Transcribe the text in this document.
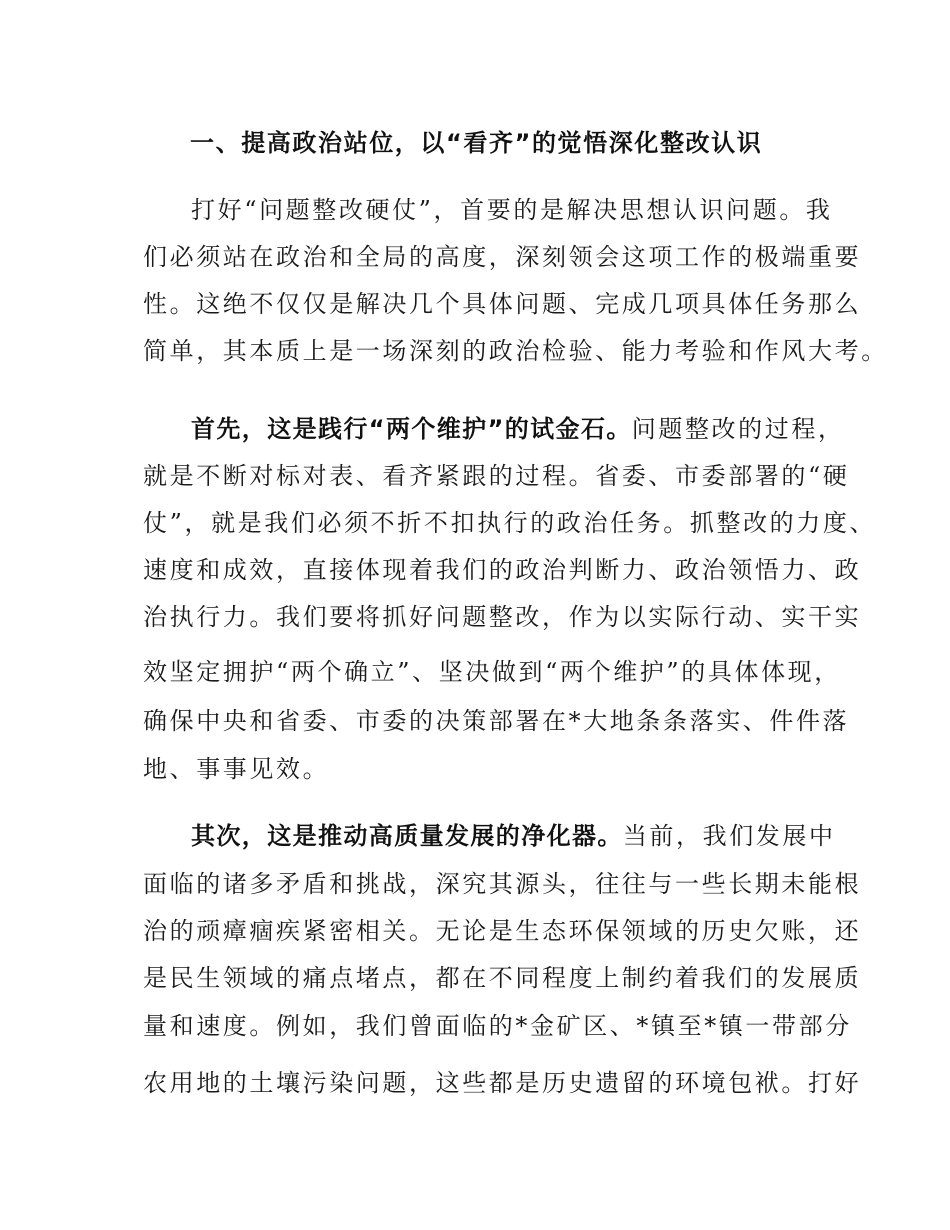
一、提高政治站位，以“看齐”的觉悟深化整改认识
打好“问题整改硬仗”，首要的是解决思想认识问题。我
们必须站在政治和全局的高度，深刻领会这项工作的极端重要
性。这绝不仅仅是解决几个具体问题、完成几项具体任务那么
简单，其本质上是一场深刻的政治检验、能力考验和作风大考。
首先，这是践行“两个维护”的试金石。问题整改的过程，
就是不断对标对表、看齐紧跟的过程。省委、市委部署的“硬
仗”，就是我们必须不折不扣执行的政治任务。抓整改的力度、
速度和成效，直接体现着我们的政治判断力、政治领悟力、政
治执行力。我们要将抓好问题整改，作为以实际行动、实干实
效坚定拥护“两个确立”、坚决做到“两个维护”的具体体现，
确保中央和省委、市委的决策部署在*大地条条落实、件件落
地、事事见效。
其次，这是推动高质量发展的净化器。当前，我们发展中
面临的诸多矛盾和挑战，深究其源头，往往与一些长期未能根
治的顽瘴痼疾紧密相关。无论是生态环保领域的历史欠账，还
是民生领域的痛点堵点，都在不同程度上制约着我们的发展质
量和速度。例如，我们曾面临的*金矿区、*镇至*镇一带部分
农用地的土壤污染问题，这些都是历史遗留的环境包袱。打好
